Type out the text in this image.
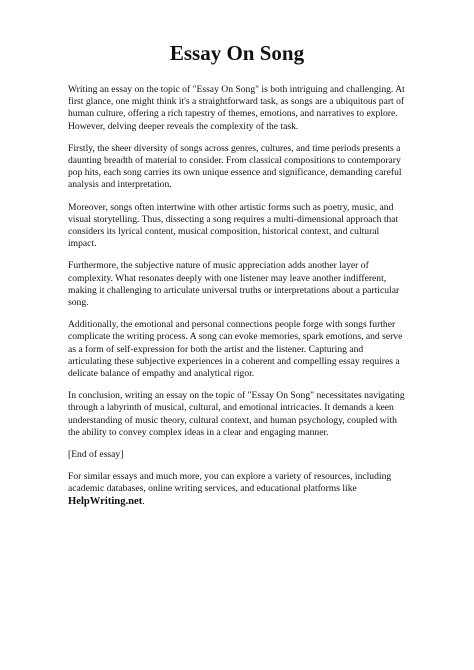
Essay On Song

Writing an essay on the topic of "Essay On Song" is both intriguing and challenging. At first glance, one might think it's a straightforward task, as songs are a ubiquitous part of human culture, offering a rich tapestry of themes, emotions, and narratives to explore. However, delving deeper reveals the complexity of the task.

Firstly, the sheer diversity of songs across genres, cultures, and time periods presents a daunting breadth of material to consider. From classical compositions to contemporary pop hits, each song carries its own unique essence and significance, demanding careful analysis and interpretation.

Moreover, songs often intertwine with other artistic forms such as poetry, music, and visual storytelling. Thus, dissecting a song requires a multi-dimensional approach that considers its lyrical content, musical composition, historical context, and cultural impact.

Furthermore, the subjective nature of music appreciation adds another layer of complexity. What resonates deeply with one listener may leave another indifferent, making it challenging to articulate universal truths or interpretations about a particular song.

Additionally, the emotional and personal connections people forge with songs further complicate the writing process. A song can evoke memories, spark emotions, and serve as a form of self-expression for both the artist and the listener. Capturing and articulating these subjective experiences in a coherent and compelling essay requires a delicate balance of empathy and analytical rigor.

In conclusion, writing an essay on the topic of "Essay On Song" necessitates navigating through a labyrinth of musical, cultural, and emotional intricacies. It demands a keen understanding of music theory, cultural context, and human psychology, coupled with the ability to convey complex ideas in a clear and engaging manner.

[End of essay]

For similar essays and much more, you can explore a variety of resources, including academic databases, online writing services, and educational platforms like HelpWriting.net.
